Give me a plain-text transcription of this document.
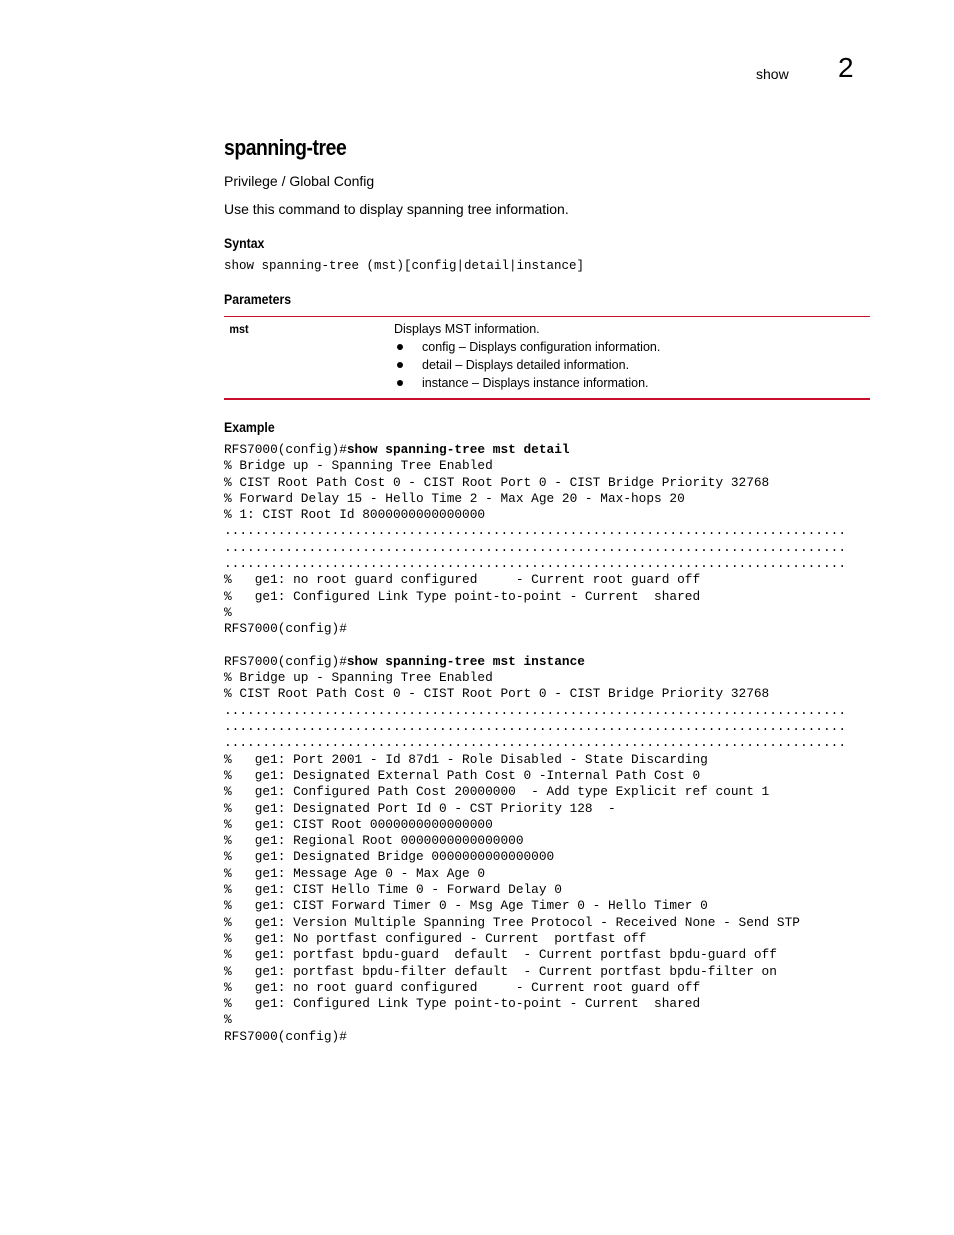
show 2
spanning-tree
Privilege / Global Config
Use this command to display spanning tree information.
Syntax
show spanning-tree (mst)[config|detail|instance]
Parameters
mst	Displays MST information.
config – Displays configuration information.
detail – Displays detailed information.
instance – Displays instance information.
Example
RFS7000(config)#show spanning-tree mst detail
% Bridge up - Spanning Tree Enabled
% CIST Root Path Cost 0 - CIST Root Port 0 - CIST Bridge Priority 32768
% Forward Delay 15 - Hello Time 2 - Max Age 20 - Max-hops 20
% 1: CIST Root Id 8000000000000000
.................................................................................
.................................................................................
.................................................................................
%   ge1: no root guard configured     - Current root guard off
%   ge1: Configured Link Type point-to-point - Current  shared
%
RFS7000(config)#
RFS7000(config)#show spanning-tree mst instance
% Bridge up - Spanning Tree Enabled
% CIST Root Path Cost 0 - CIST Root Port 0 - CIST Bridge Priority 32768
.................................................................................
.................................................................................
.................................................................................
%   ge1: Port 2001 - Id 87d1 - Role Disabled - State Discarding
%   ge1: Designated External Path Cost 0 -Internal Path Cost 0
%   ge1: Configured Path Cost 20000000  - Add type Explicit ref count 1
%   ge1: Designated Port Id 0 - CST Priority 128  -
%   ge1: CIST Root 0000000000000000
%   ge1: Regional Root 0000000000000000
%   ge1: Designated Bridge 0000000000000000
%   ge1: Message Age 0 - Max Age 0
%   ge1: CIST Hello Time 0 - Forward Delay 0
%   ge1: CIST Forward Timer 0 - Msg Age Timer 0 - Hello Timer 0
%   ge1: Version Multiple Spanning Tree Protocol - Received None - Send STP
%   ge1: No portfast configured - Current  portfast off
%   ge1: portfast bpdu-guard  default  - Current portfast bpdu-guard off
%   ge1: portfast bpdu-filter default  - Current portfast bpdu-filter on
%   ge1: no root guard configured     - Current root guard off
%   ge1: Configured Link Type point-to-point - Current  shared
%
RFS7000(config)#
